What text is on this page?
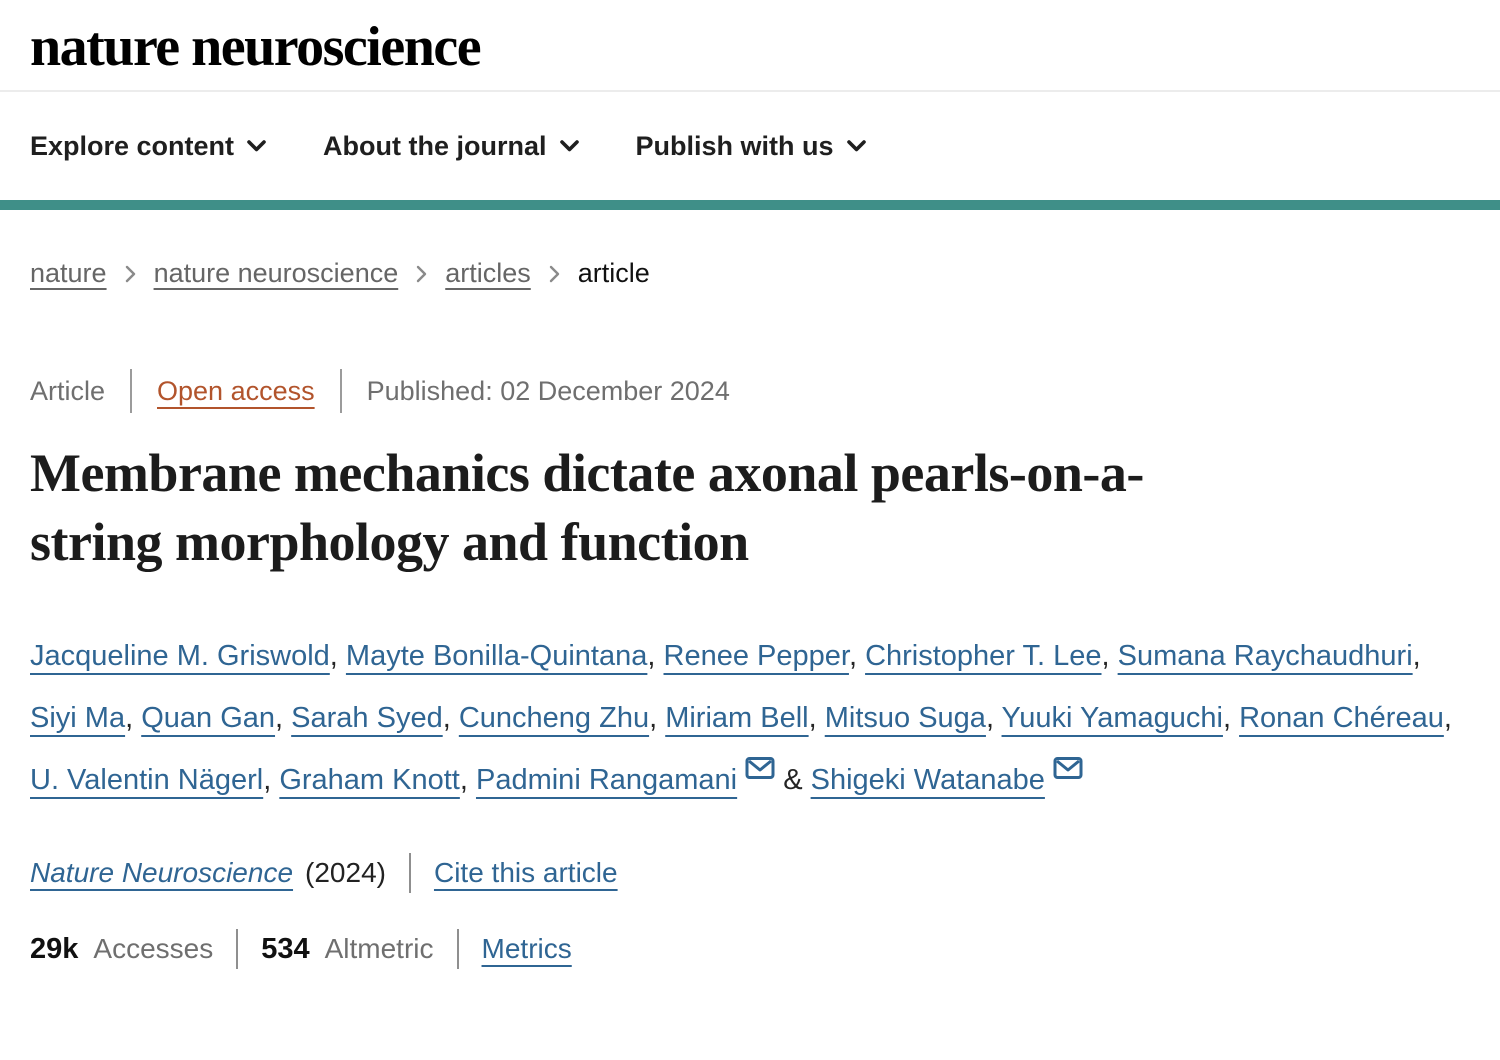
nature neuroscience
Explore content	About the journal	Publish with us
nature nature neuroscience articles article
Article Open access Published: 02 December 2024
Membrane mechanics dictate axonal pearls-on-a-
string morphology and function

Jacqueline M. Griswold, Mayte Bonilla-Quintana, Renee Pepper, Christopher T. Lee, Sumana Raychaudhuri, Siyi Ma, Quan Gan, Sarah Syed, Cuncheng Zhu, Miriam Bell, Mitsuo Suga, Yuuki Yamaguchi, Ronan Chéreau, U. Valentin Nägerl, Graham Knott, Padmini Rangamani & Shigeki Watanabe

Nature Neuroscience (2024) Cite this article
29k Accesses 534 Altmetric Metrics
